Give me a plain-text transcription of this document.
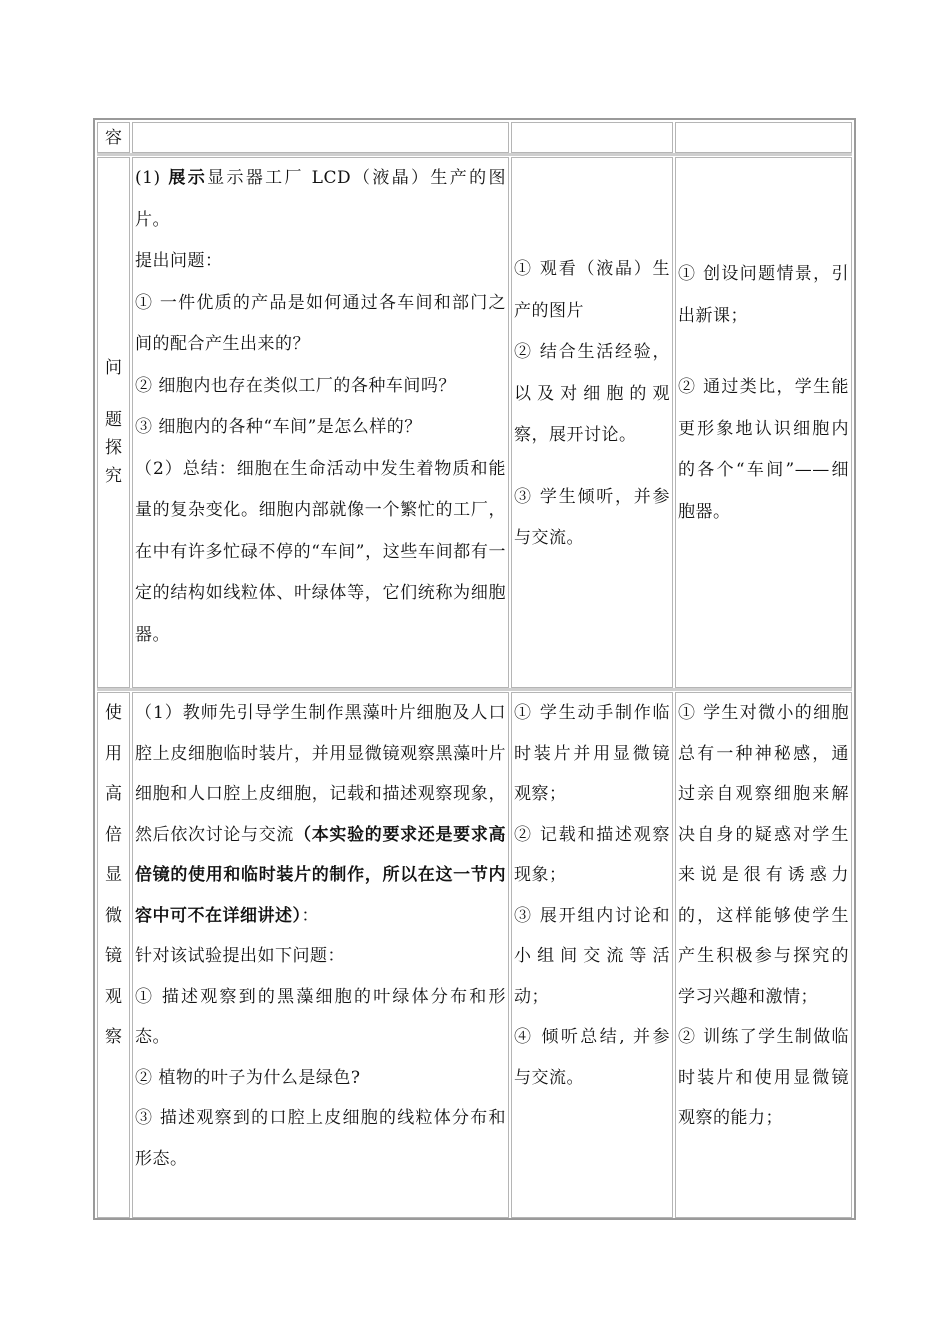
容
问
题探
究
(1) 展示显示器工厂 LCD（液晶）生产的图片。
提出问题：
① 一件优质的产品是如何通过各车间和部门之间的配合产生出来的？
② 细胞内也存在类似工厂的各种车间吗？
③ 细胞内的各种“车间”是怎么样的？
（2）总结：细胞在生命活动中发生着物质和能量的复杂变化。细胞内部就像一个繁忙的工厂，在中有许多忙碌不停的“车间”，这些车间都有一定的结构如线粒体、叶绿体等，它们统称为细胞器。
① 观看（液晶）生产的图片
② 结合生活经验，以及对细胞的观察，展开讨论。
③ 学生倾听，并参与交流。
① 创设问题情景，引出新课；
② 通过类比，学生能更形象地认识细胞内的各个“车间”——细胞器。
使
用
高
倍
显
微
镜
观
察
（1）教师先引导学生制作黑藻叶片细胞及人口腔上皮细胞临时装片，并用显微镜观察黑藻叶片细胞和人口腔上皮细胞，记载和描述观察现象，然后依次讨论与交流（本实验的要求还是要求高倍镜的使用和临时装片的制作，所以在这一节内容中可不在详细讲述）：
针对该试验提出如下问题：
① 描述观察到的黑藻细胞的叶绿体分布和形态。
② 植物的叶子为什么是绿色?
③ 描述观察到的口腔上皮细胞的线粒体分布和形态。
① 学生动手制作临时装片并用显微镜观察；
② 记载和描述观察现象；
③ 展开组内讨论和小组间交流等活动；
④ 倾听总结, 并参与交流。
① 学生对微小的细胞总有一种神秘感，通过亲自观察细胞来解决自身的疑惑对学生来说是很有诱惑力的，这样能够使学生产生积极参与探究的学习兴趣和激情；
② 训练了学生制做临时装片和使用显微镜观察的能力；
